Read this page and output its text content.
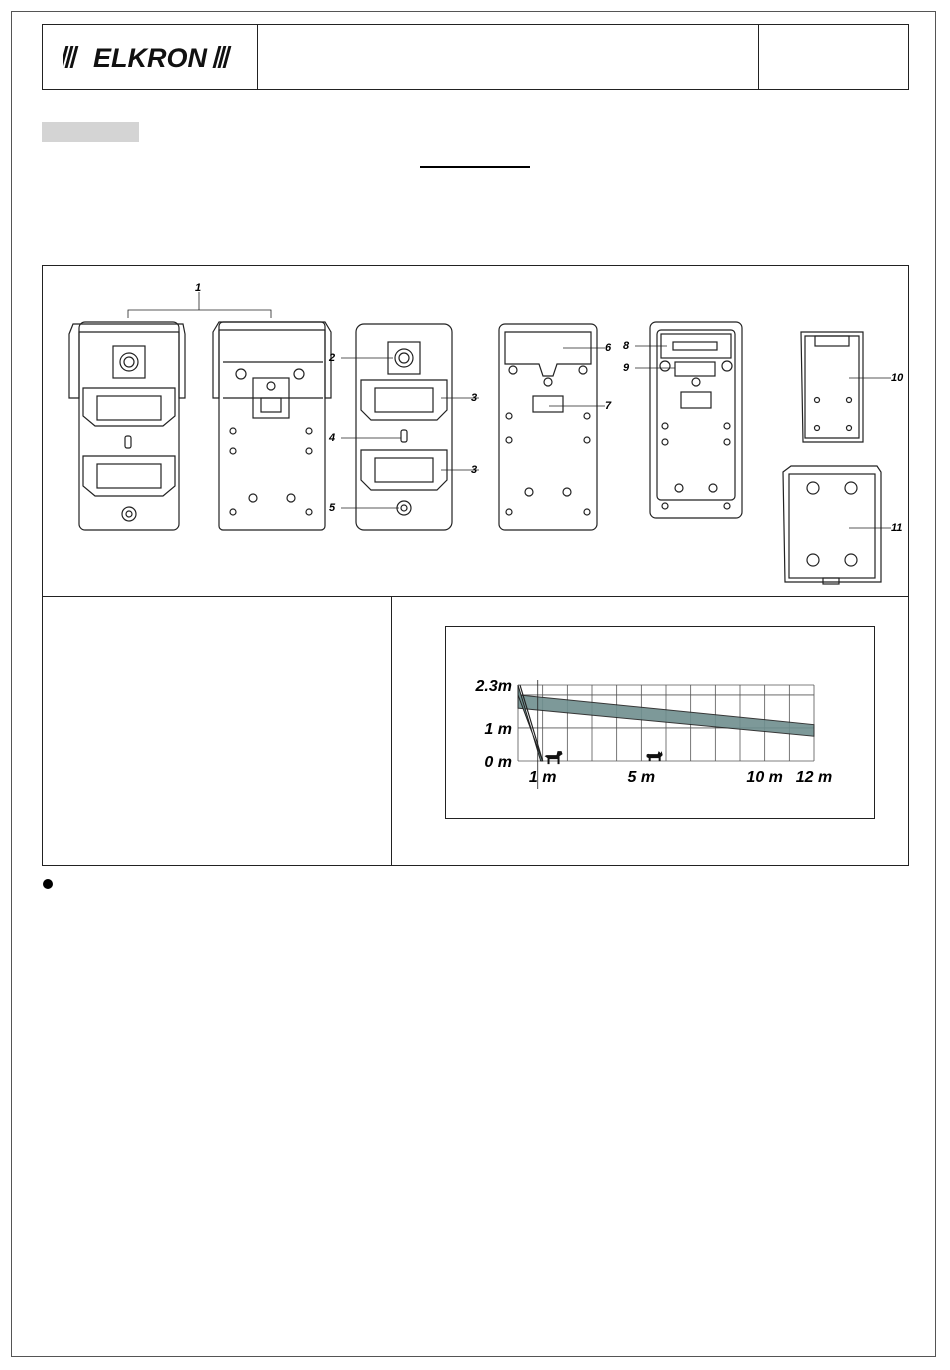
ELKRON
1
2
3
4
3
5
6
7
8
9
10
11
2.3m
1 m
0 m
1 m	5 m	10 m 12 m
